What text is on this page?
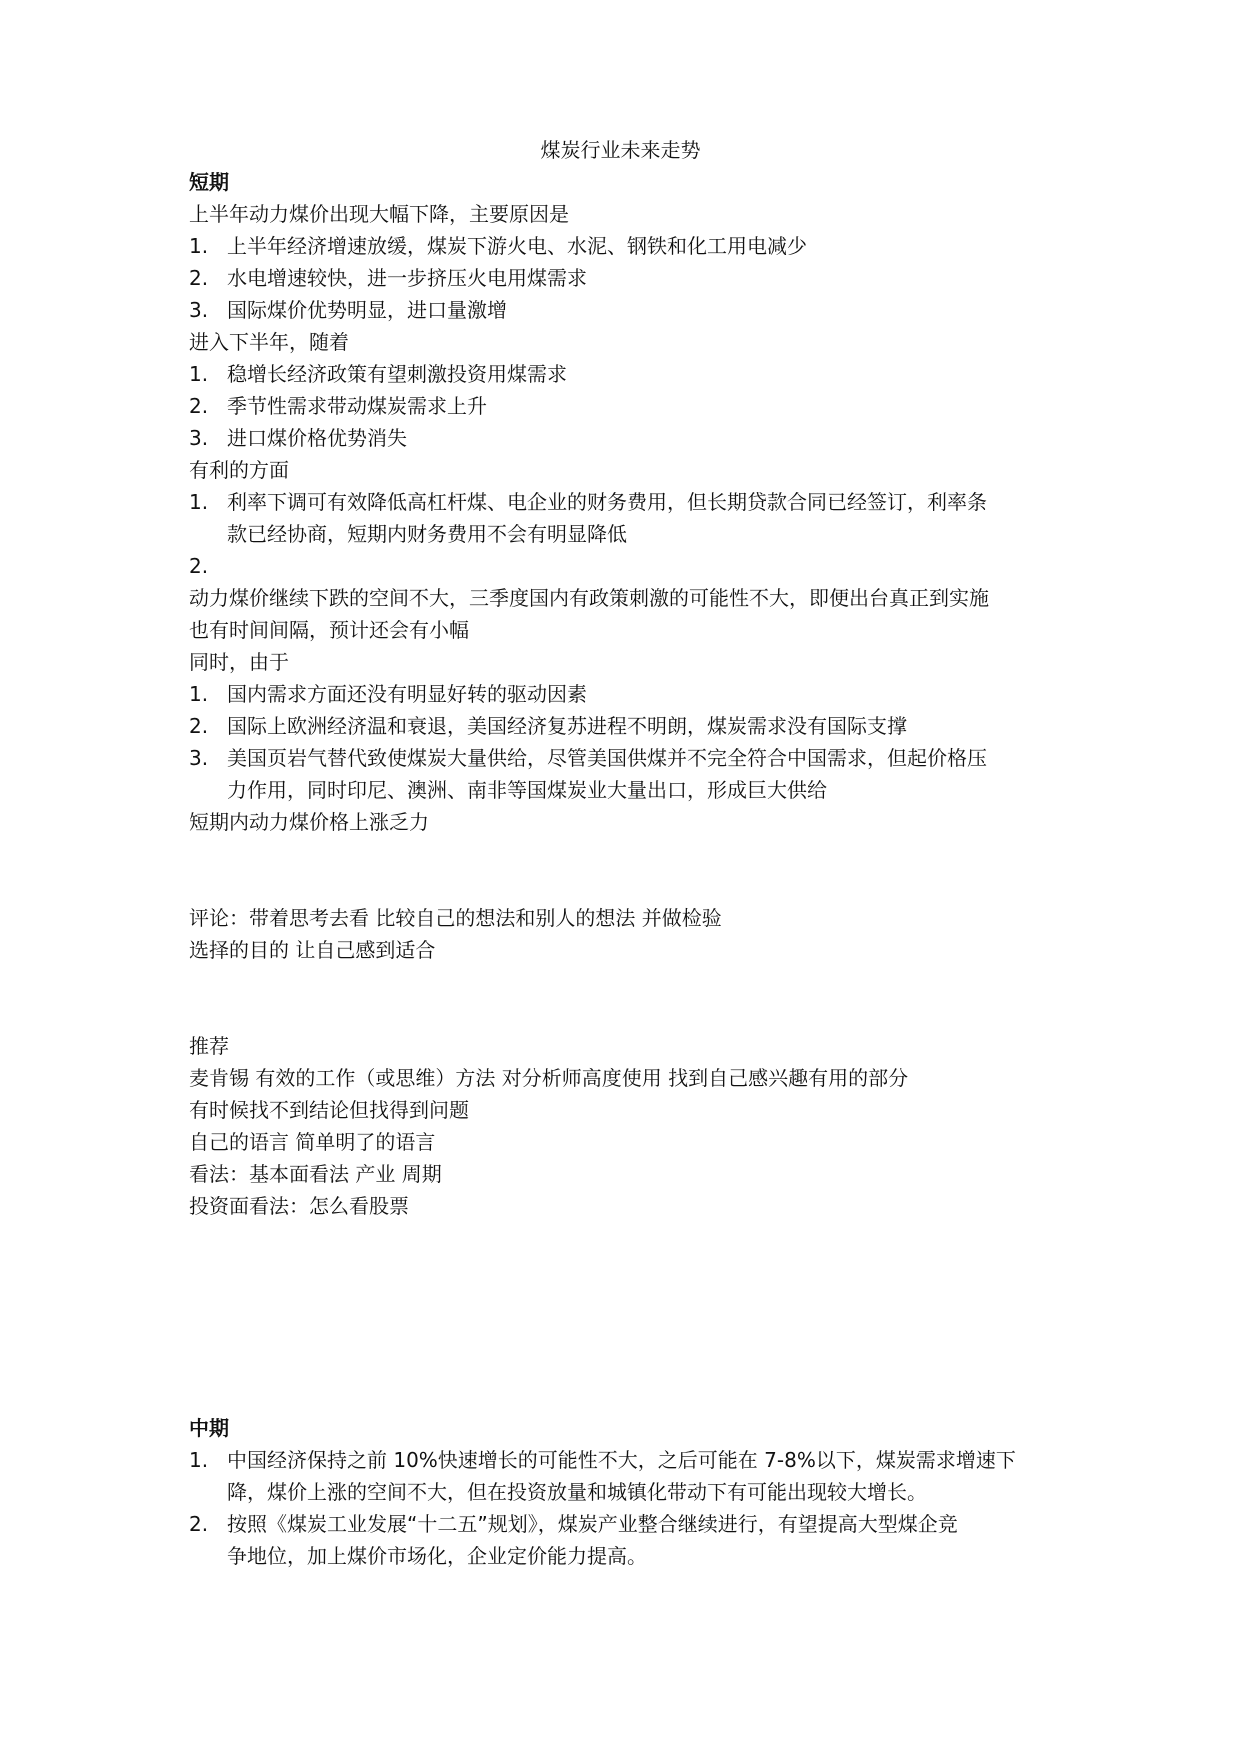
煤炭行业未来走势
短期
上半年动力煤价出现大幅下降，主要原因是
1. 上半年经济增速放缓，煤炭下游火电、水泥、钢铁和化工用电减少
2. 水电增速较快，进一步挤压火电用煤需求
3. 国际煤价优势明显，进口量激增
进入下半年，随着
1. 稳增长经济政策有望刺激投资用煤需求
2. 季节性需求带动煤炭需求上升
3. 进口煤价格优势消失
有利的方面
1. 利率下调可有效降低高杠杆煤、电企业的财务费用，但长期贷款合同已经签订，利率条
款已经协商，短期内财务费用不会有明显降低
2.
动力煤价继续下跌的空间不大，三季度国内有政策刺激的可能性不大，即便出台真正到实施
也有时间间隔，预计还会有小幅
同时，由于
1. 国内需求方面还没有明显好转的驱动因素
2. 国际上欧洲经济温和衰退，美国经济复苏进程不明朗，煤炭需求没有国际支撑
3. 美国页岩气替代致使煤炭大量供给，尽管美国供煤并不完全符合中国需求，但起价格压
力作用，同时印尼、澳洲、南非等国煤炭业大量出口，形成巨大供给
短期内动力煤价格上涨乏力
评论：带着思考去看 比较自己的想法和别人的想法 并做检验
选择的目的 让自己感到适合
推荐
麦肯锡 有效的工作（或思维）方法 对分析师高度使用 找到自己感兴趣有用的部分
有时候找不到结论但找得到问题
自己的语言 简单明了的语言
看法：基本面看法 产业 周期
投资面看法：怎么看股票
中期
1. 中国经济保持之前 10%快速增长的可能性不大，之后可能在 7-8%以下，煤炭需求增速下
降，煤价上涨的空间不大，但在投资放量和城镇化带动下有可能出现较大增长。
2. 按照《煤炭工业发展“十二五”规划》，煤炭产业整合继续进行，有望提高大型煤企竞
争地位，加上煤价市场化，企业定价能力提高。
